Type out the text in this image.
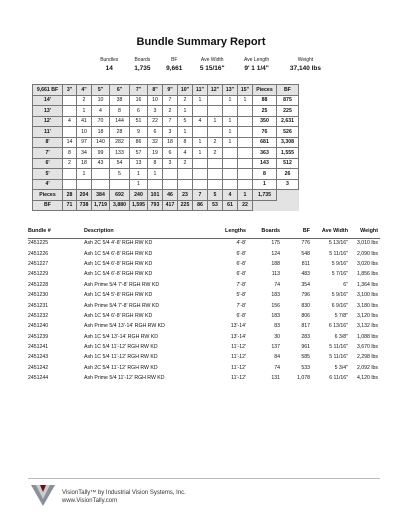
Bundle Summary Report
Bundles	Boards	BF	Ave Width	Ave Length	Weight
14	1,735	9,661	5 15/16"	9' 1 1/4"	37,140 lbs
9,661 BF	3"	4"	5"	6"	7"	8"	9"	10"	11"	12"	13"	15"	Pieces	BF
14'		2	10	38	16	10	7	2	1		1	1	88	875
13'		1	4	8	6	3	2	1					25	225
12'	4	41	70	144	51	22	7	5	4	1	1		350	2,631
11'		10	18	28	9	6	3	1			1		76	526
8'	14	97	140	282	86	32	18	8	1	2	1		681	3,308
7'	8	34	99	133	57	19	6	4	1	2			363	1,555
6'	2	18	43	54	13	8	3	2					143	512
5'		1		5	1	1							8	26
4'					1								1	3
Pieces	28	204	384	692	240	101	46	23	7	5	4	1	1,735	
BF	71	738	1,719	3,880	1,595	793	417	225	86	53	61	22		
Bundle #	Description	Lengths	Boards	BF	Ave Width	Weight
2451225	Ash 2C 5/4 4'-8' RGH RW KD	4'-8'	175	776	5 13/16"	3,010 lbs
2451226	Ash 1C 5/4 6'-8' RGH RW KD	6'-8'	124	548	5 11/16"	2,090 lbs
2451227	Ash 1C 5/4 6'-8' RGH RW KD	6'-8'	188	811	5 9/16"	3,020 lbs
2451229	Ash 1C 5/4 6'-8' RGH RW KD	6'-8'	113	483	5 7/16"	1,856 lbs
2451228	Ash Prime 5/4 7'-8' RGH RW KD	7'-8'	74	354	6"	1,364 lbs
2451230	Ash 1C 5/4 5'-8' RGH RW KD	5'-8'	183	796	5 9/16"	3,100 lbs
2451231	Ash Prime 5/4 7'-8' RGH RW KD	7'-8'	156	830	6 9/16"	3,180 lbs
2451232	Ash 1C 5/4 6'-8' RGH RW KD	6'-8'	183	806	5 7/8"	3,120 lbs
2451240	Ash Prime 5/4 13'-14' RGH RW KD	13'-14'	83	817	6 13/16"	3,132 lbs
2451239	Ash 1C 5/4 13'-14' RGH RW KD	13'-14'	30	283	6 3/8"	1,088 lbs
2451241	Ash 1C 5/4 11'-12' RGH RW KD	11'-12'	137	961	5 11/16"	3,670 lbs
2451243	Ash 1C 5/4 11'-12' RGH RW KD	11'-12'	84	585	5 11/16"	2,298 lbs
2451242	Ash 2C 5/4 11'-12' RGH RW KD	11'-12'	74	533	5 3/4"	2,092 lbs
2451244	Ash Prime 5/4 11'-12' RGH RW KD	11'-12'	131	1,078	6 11/16"	4,120 lbs
VisionTally™ by Industrial Vision Systems, Inc.
www.VisionTally.com
